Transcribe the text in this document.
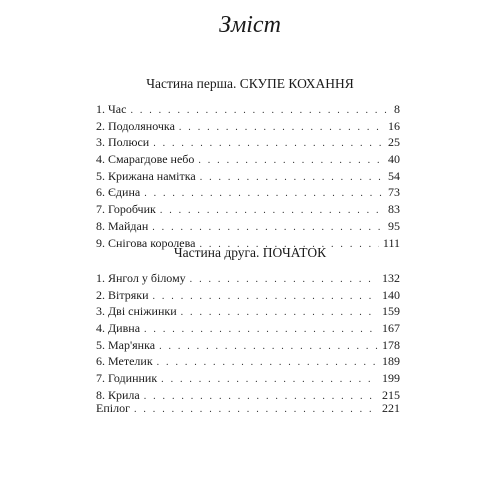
Зміст
Частина перша. СКУПЕ КОХАННЯ
1. Час . . .	8
2. Подоляночка . . .	16
3. Полюси . . .	25
4. Смарагдове небо . . .	40
5. Крижана намітка . . .	54
6. Єдина . . .	73
7. Горобчик . . .	83
8. Майдан . . .	95
9. Снігова королева . . .	111
Частина друга. ПОЧАТОК
1. Янгол у білому . . .	132
2. Вітряки . . .	140
3. Дві сніжинки . . .	159
4. Дивна . . .	167
5. Мар'янка . . .	178
6. Метелик . . .	189
7. Годинник . . .	199
8. Крила . . .	215
Епілог . . .	221
